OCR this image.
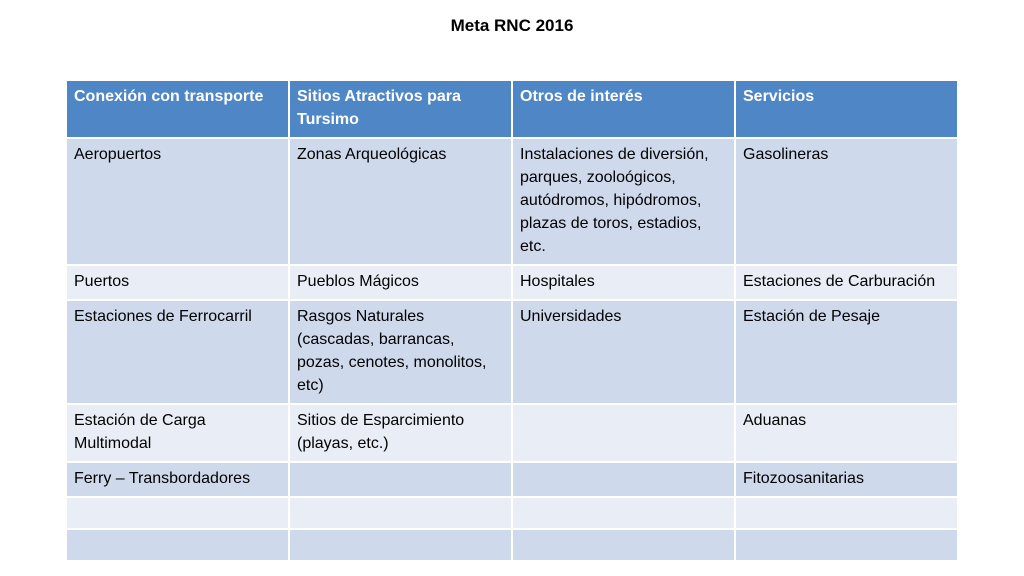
Meta RNC 2016
Conexión con transporte	Sitios Atractivos para Tursimo	Otros de interés	Servicios
Aeropuertos	Zonas Arqueológicas	Instalaciones de diversión, parques, zooloógicos, autódromos, hipódromos, plazas de toros, estadios, etc.	Gasolineras
Puertos	Pueblos Mágicos	Hospitales	Estaciones de Carburación
Estaciones de Ferrocarril	Rasgos Naturales (cascadas, barrancas, pozas, cenotes, monolitos, etc)	Universidades	Estación de Pesaje
Estación de Carga Multimodal	Sitios de Esparcimiento (playas, etc.)		Aduanas
Ferry – Transbordadores			Fitozoosanitarias
